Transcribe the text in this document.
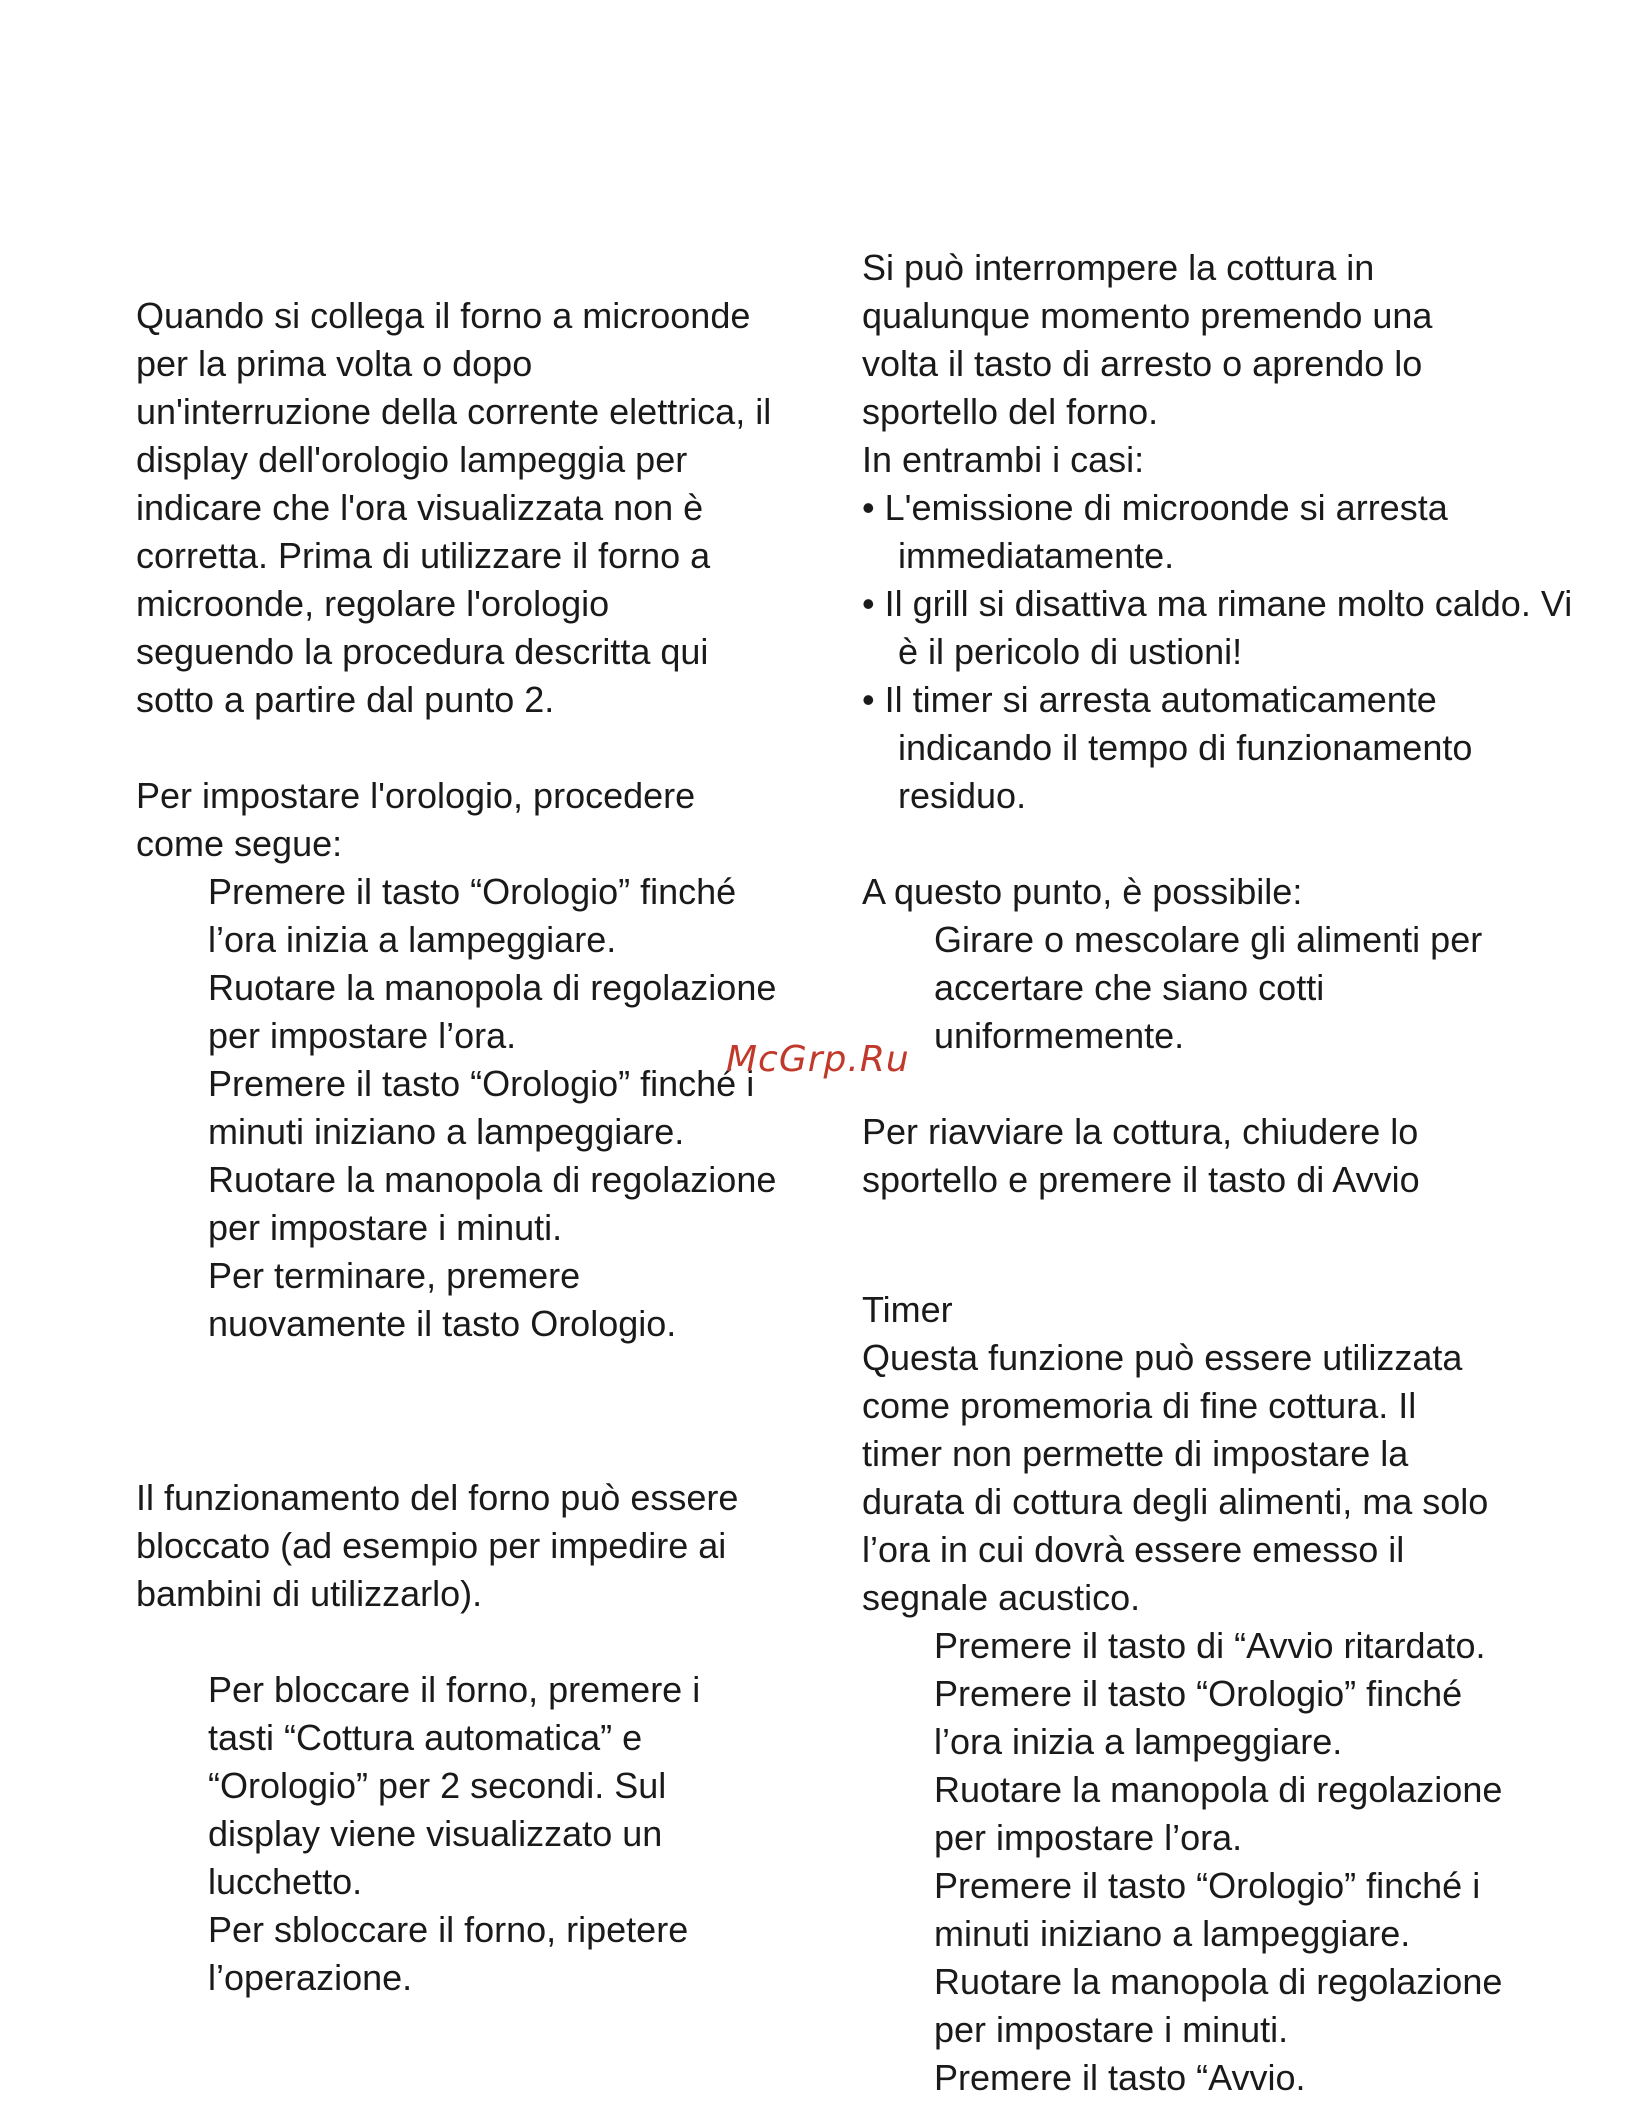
Quando si collega il forno a microonde

per la prima volta o dopo

un'interruzione della corrente elettrica, il

display dell'orologio lampeggia per

indicare che l'ora visualizzata non è

corretta. Prima di utilizzare il forno a

microonde, regolare l'orologio

seguendo la procedura descritta qui

sotto a partire dal punto 2.

Per impostare l'orologio, procedere

come segue:

Premere il tasto “Orologio” finché

l’ora inizia a lampeggiare.

Ruotare la manopola di regolazione

per impostare l’ora.

Premere il tasto “Orologio” finché i

minuti iniziano a lampeggiare.

Ruotare la manopola di regolazione

per impostare i minuti.

Per terminare, premere

nuovamente il tasto Orologio.

Il funzionamento del forno può essere

bloccato (ad esempio per impedire ai

bambini di utilizzarlo).

Per bloccare il forno, premere i

tasti “Cottura automatica” e

“Orologio” per 2 secondi. Sul

display viene visualizzato un

lucchetto.

Per sbloccare il forno, ripetere

l’operazione.

Si può interrompere la cottura in

qualunque momento premendo una

volta il tasto di arresto o aprendo lo

sportello del forno.

In entrambi i casi:

• L'emissione di microonde si arresta immediatamente.

• Il grill si disattiva ma rimane molto caldo. Vi è il pericolo di ustioni!

• Il timer si arresta automaticamente indicando il tempo di funzionamento residuo.

A questo punto, è possibile:

Girare o mescolare gli alimenti per

accertare che siano cotti

uniformemente.

Per riavviare la cottura, chiudere lo

sportello e premere il tasto di Avvio

Timer

Questa funzione può essere utilizzata

come promemoria di fine cottura. Il

timer non permette di impostare la

durata di cottura degli alimenti, ma solo

l’ora in cui dovrà essere emesso il

segnale acustico.

Premere il tasto di “Avvio ritardato.

Premere il tasto “Orologio” finché

l’ora inizia a lampeggiare.

Ruotare la manopola di regolazione

per impostare l’ora.

Premere il tasto “Orologio” finché i

minuti iniziano a lampeggiare.

Ruotare la manopola di regolazione

per impostare i minuti.

Premere il tasto “Avvio.

McGrp.Ru
